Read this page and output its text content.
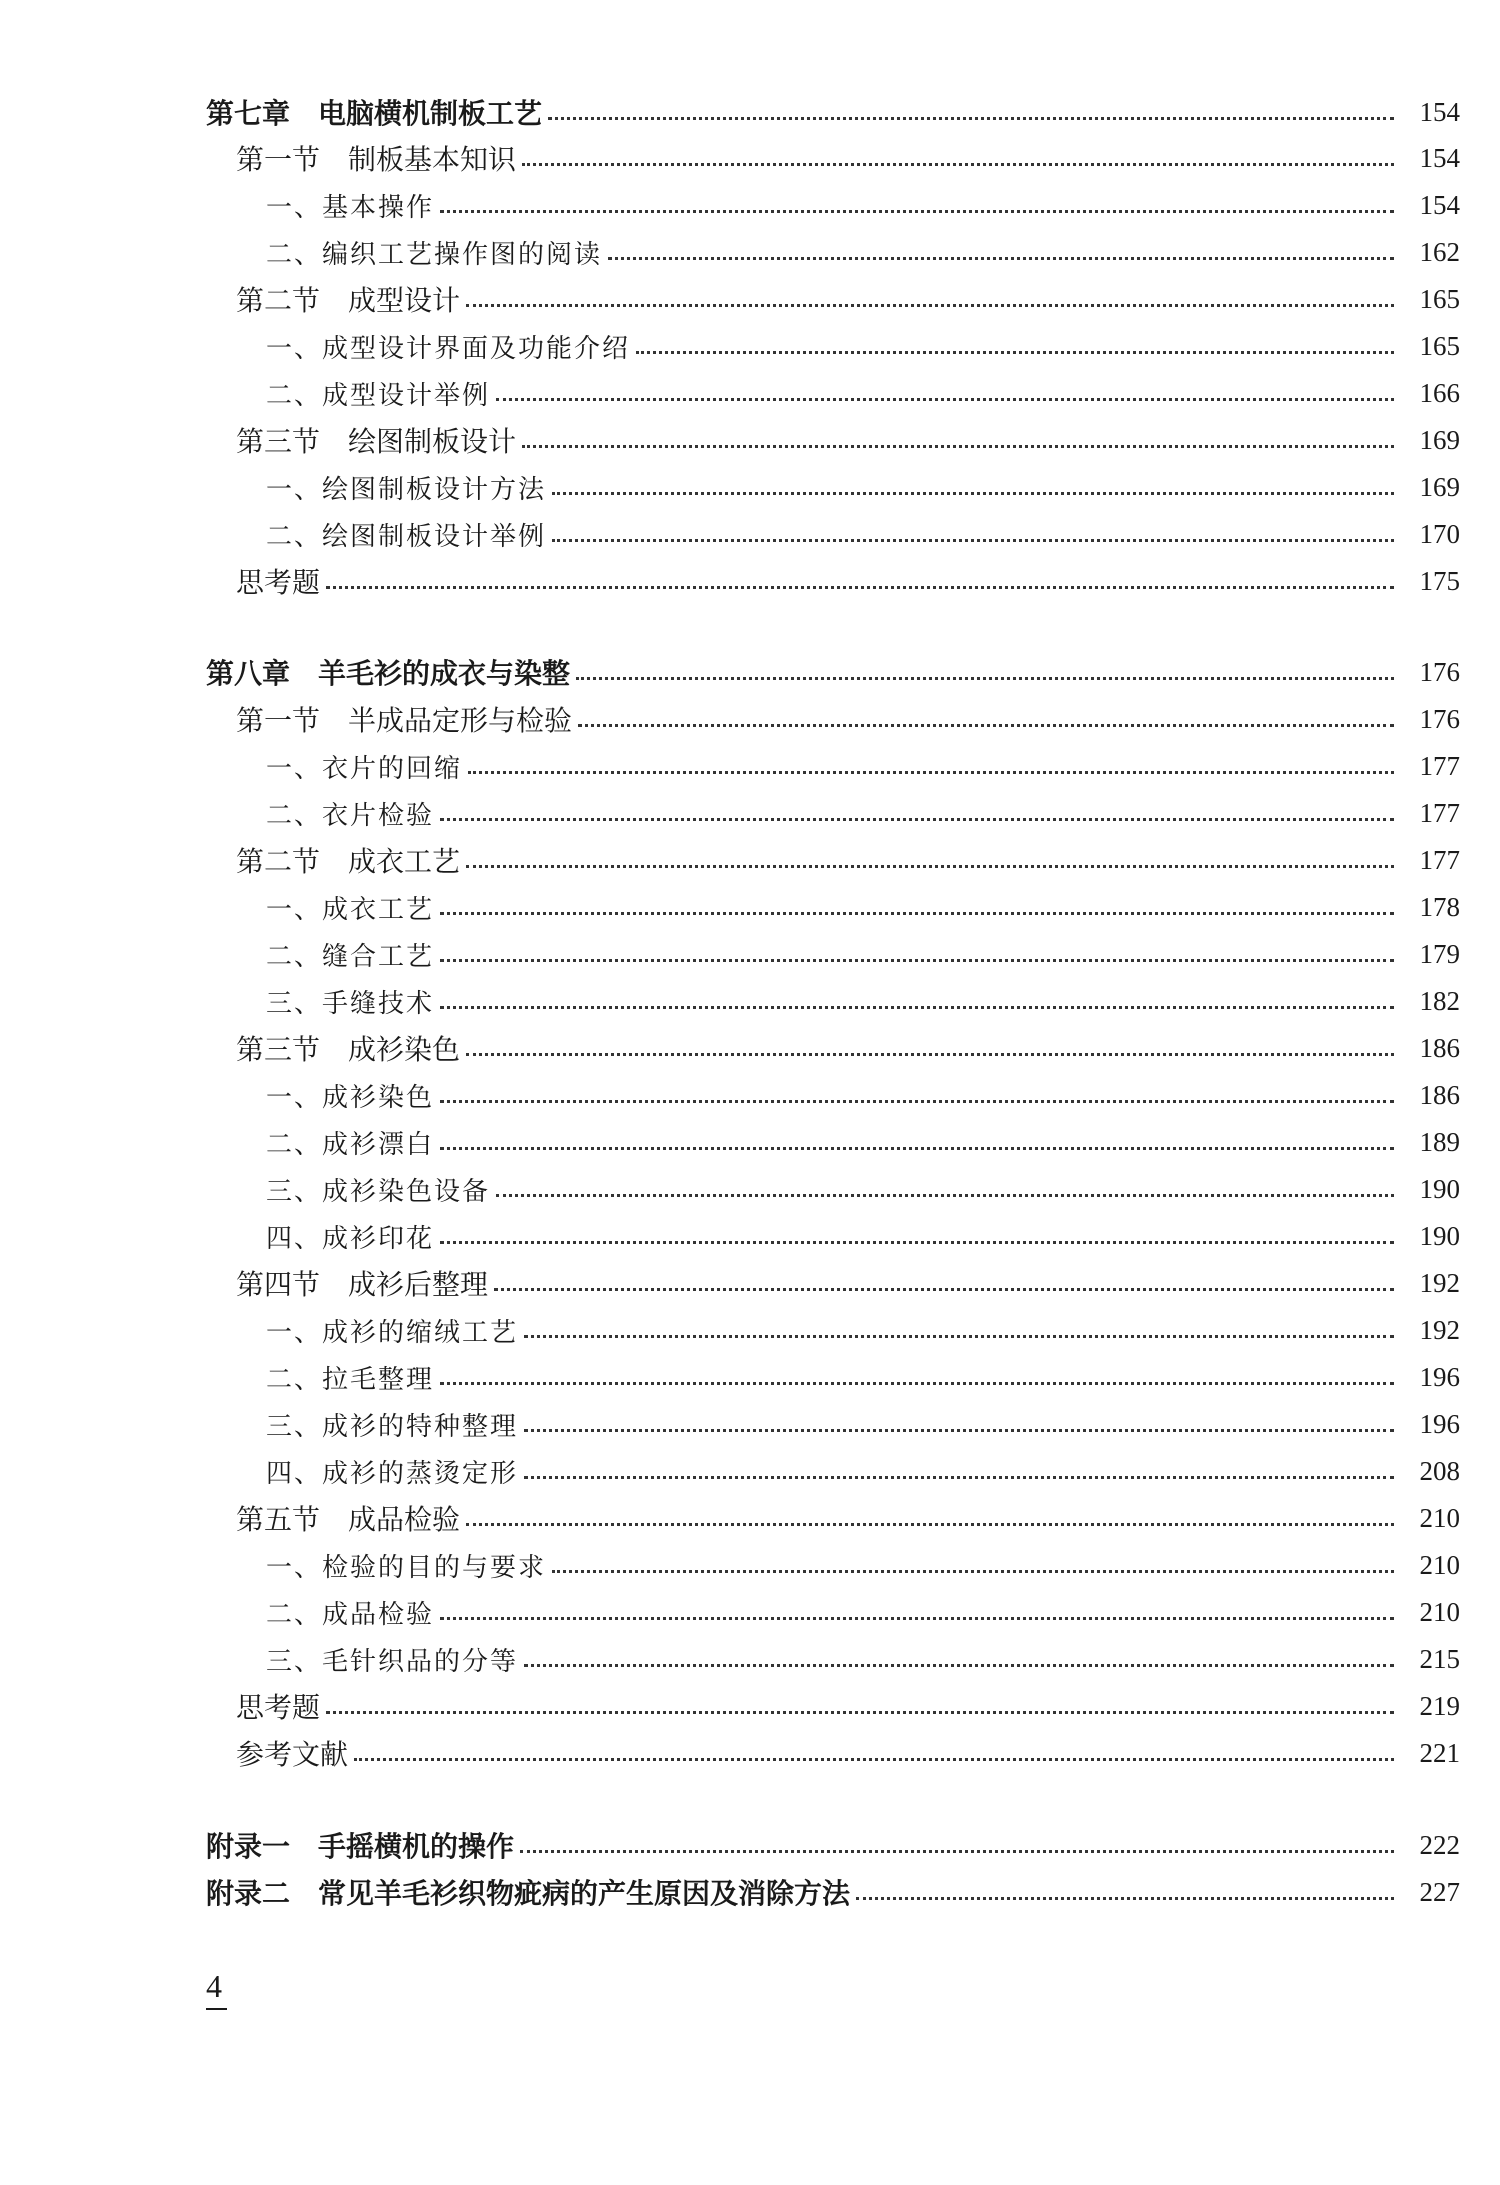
第七章　电脑横机制板工艺	154
第一节　制板基本知识	154
一、基本操作	154
二、编织工艺操作图的阅读	162
第二节　成型设计	165
一、成型设计界面及功能介绍	165
二、成型设计举例	166
第三节　绘图制板设计	169
一、绘图制板设计方法	169
二、绘图制板设计举例	170
思考题	175
第八章　羊毛衫的成衣与染整	176
第一节　半成品定形与检验	176
一、衣片的回缩	177
二、衣片检验	177
第二节　成衣工艺	177
一、成衣工艺	178
二、缝合工艺	179
三、手缝技术	182
第三节　成衫染色	186
一、成衫染色	186
二、成衫漂白	189
三、成衫染色设备	190
四、成衫印花	190
第四节　成衫后整理	192
一、成衫的缩绒工艺	192
二、拉毛整理	196
三、成衫的特种整理	196
四、成衫的蒸烫定形	208
第五节　成品检验	210
一、检验的目的与要求	210
二、成品检验	210
三、毛针织品的分等	215
思考题	219
参考文献	221
附录一　手摇横机的操作	222
附录二　常见羊毛衫织物疵病的产生原因及消除方法	227
4
